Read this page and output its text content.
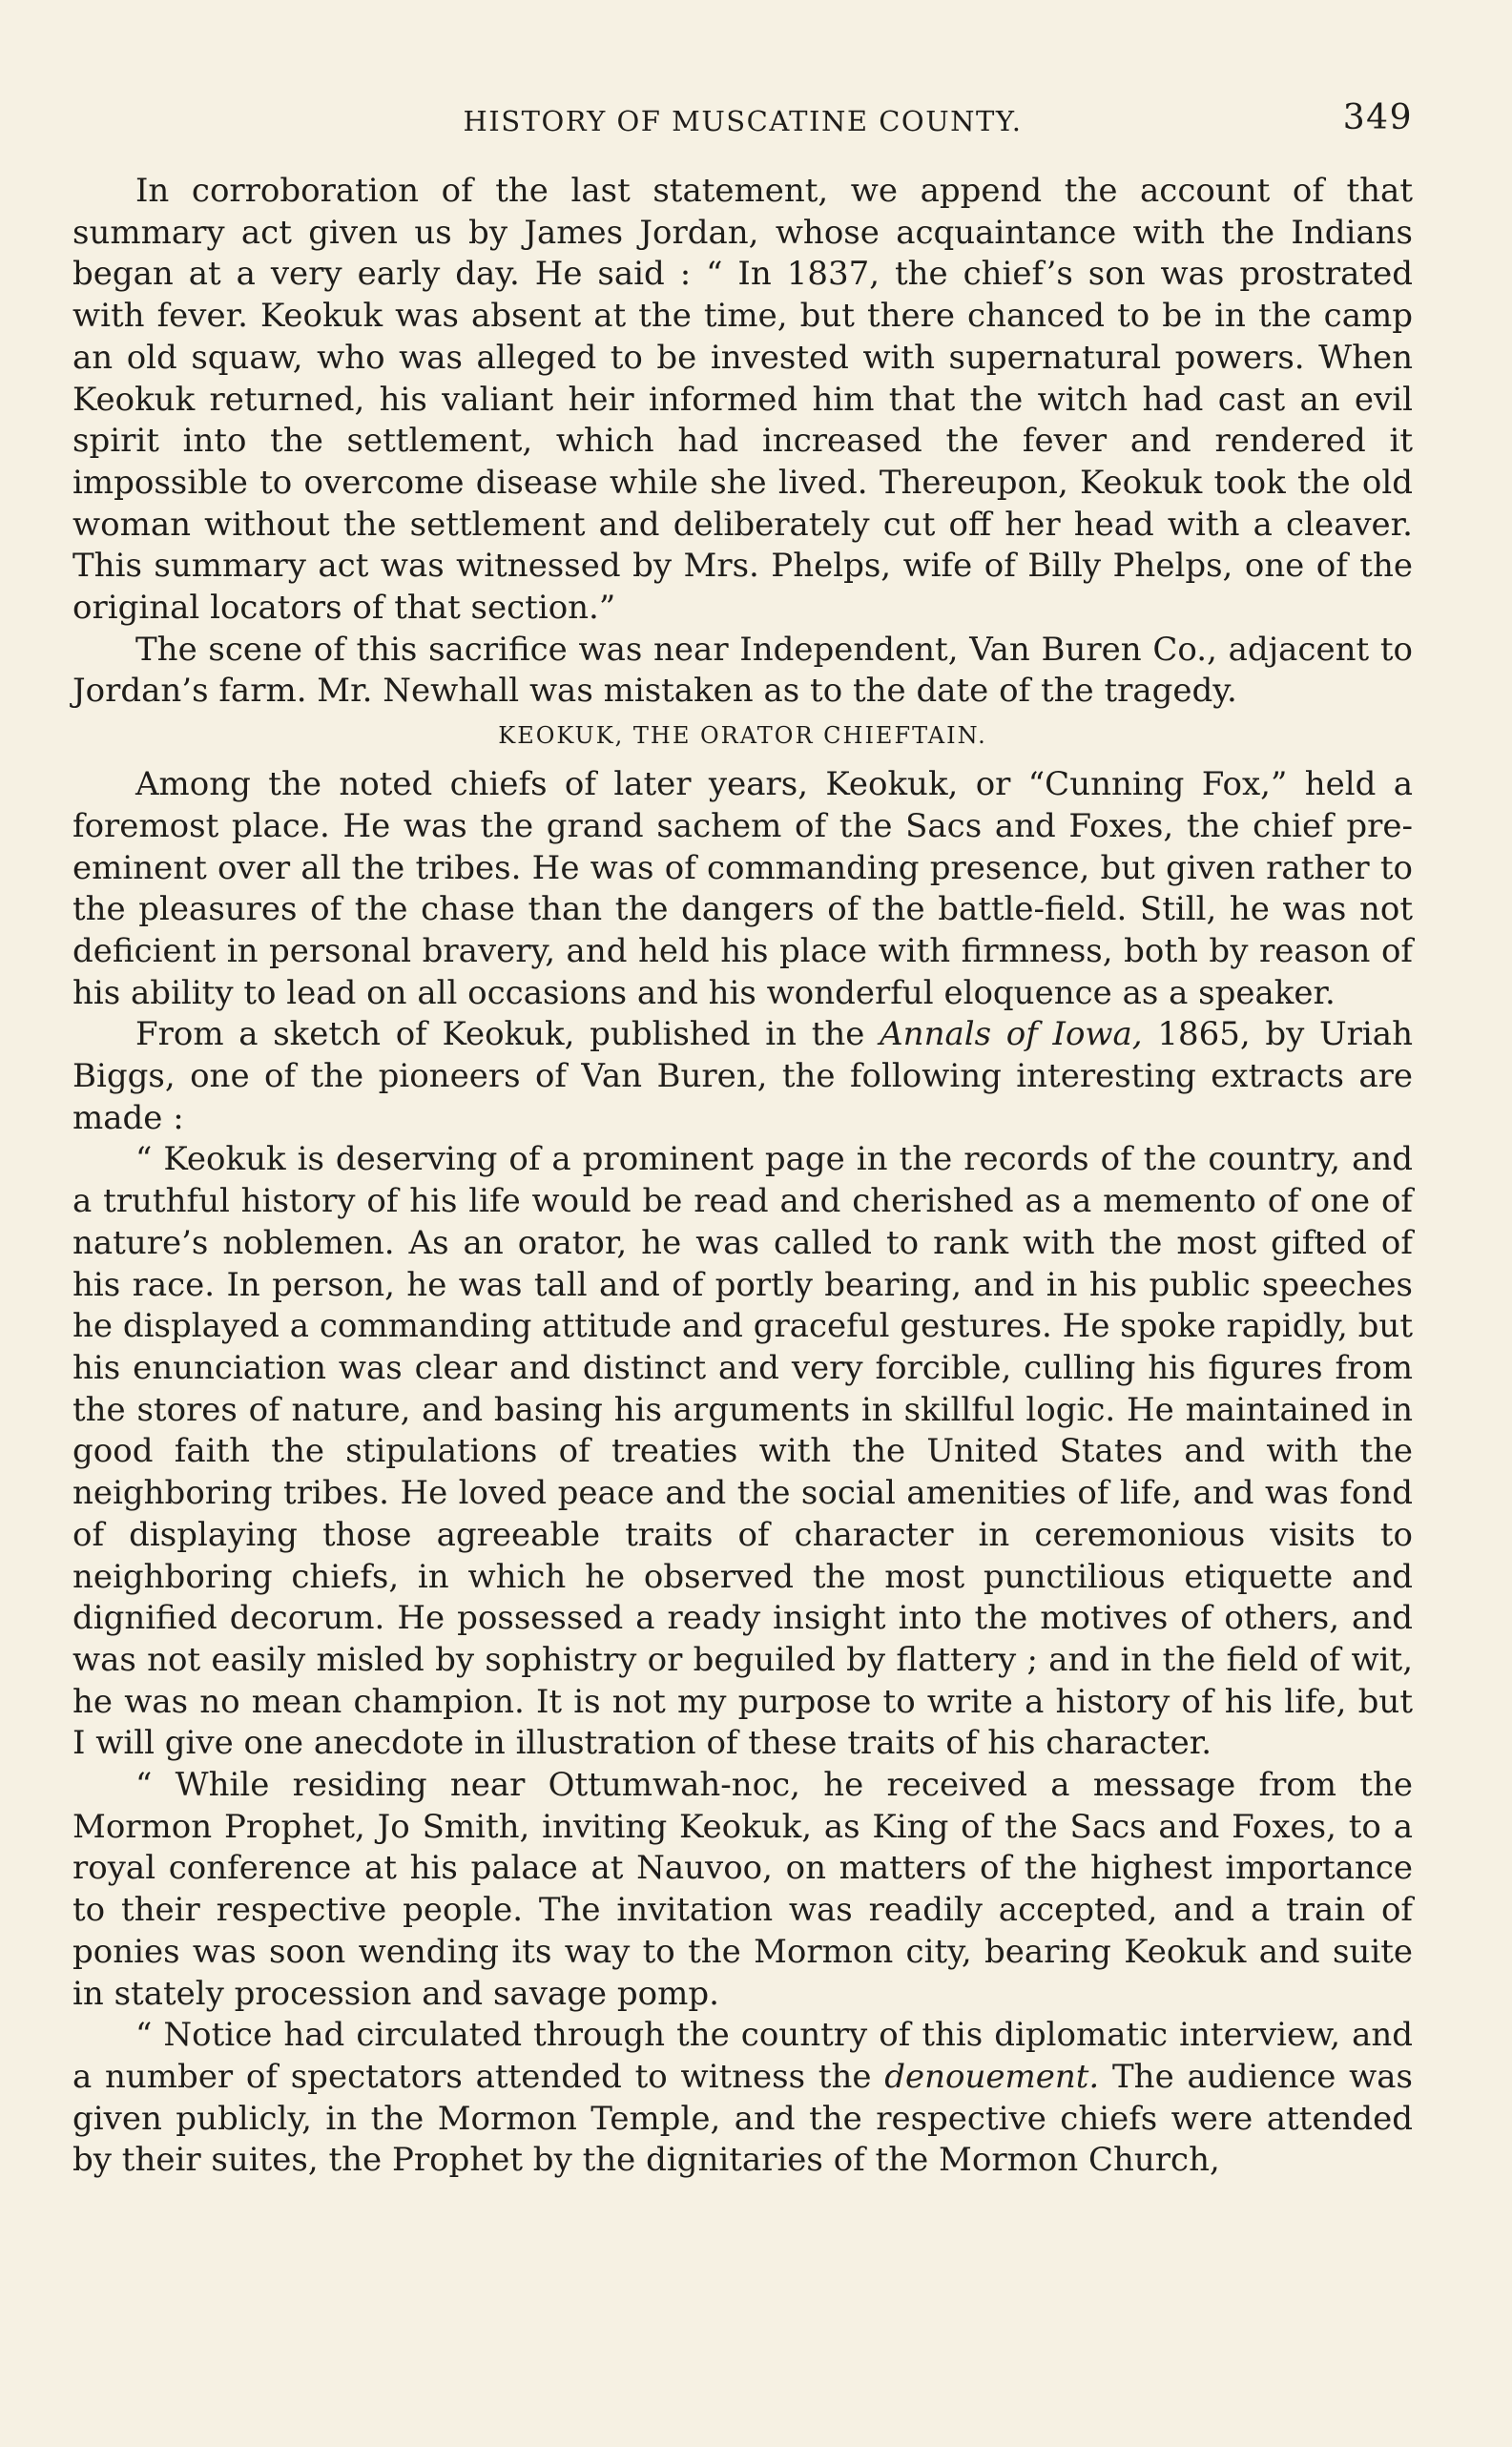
HISTORY OF MUSCATINE COUNTY.	349

In corroboration of the last statement, we append the account of that summary act given us by James Jordan, whose acquaintance with the Indians began at a very early day. He said : “ In 1837, the chief’s son was prostrated with fever. Keokuk was absent at the time, but there chanced to be in the camp an old squaw, who was alleged to be invested with supernatural powers. When Keokuk returned, his valiant heir informed him that the witch had cast an evil spirit into the settlement, which had increased the fever and rendered it impossible to overcome disease while she lived. Thereupon, Keokuk took the old woman without the settlement and deliberately cut off her head with a cleaver. This summary act was witnessed by Mrs. Phelps, wife of Billy Phelps, one of the original locators of that section.”

The scene of this sacrifice was near Independent, Van Buren Co., adjacent to Jordan’s farm. Mr. Newhall was mistaken as to the date of the tragedy.

KEOKUK, THE ORATOR CHIEFTAIN.

Among the noted chiefs of later years, Keokuk, or “Cunning Fox,” held a foremost place. He was the grand sachem of the Sacs and Foxes, the chief pre-eminent over all the tribes. He was of commanding presence, but given rather to the pleasures of the chase than the dangers of the battle-field. Still, he was not deficient in personal bravery, and held his place with firmness, both by reason of his ability to lead on all occasions and his wonderful eloquence as a speaker.

From a sketch of Keokuk, published in the Annals of Iowa, 1865, by Uriah Biggs, one of the pioneers of Van Buren, the following interesting extracts are made :

“ Keokuk is deserving of a prominent page in the records of the country, and a truthful history of his life would be read and cherished as a memento of one of nature’s noblemen. As an orator, he was called to rank with the most gifted of his race. In person, he was tall and of portly bearing, and in his public speeches he displayed a commanding attitude and graceful gestures. He spoke rapidly, but his enunciation was clear and distinct and very forcible, culling his figures from the stores of nature, and basing his arguments in skillful logic. He maintained in good faith the stipulations of treaties with the United States and with the neighboring tribes. He loved peace and the social amenities of life, and was fond of displaying those agreeable traits of character in ceremonious visits to neighboring chiefs, in which he observed the most punctilious etiquette and dignified decorum. He possessed a ready insight into the motives of others, and was not easily misled by sophistry or beguiled by flattery ; and in the field of wit, he was no mean champion. It is not my purpose to write a history of his life, but I will give one anecdote in illustration of these traits of his character.

“ While residing near Ottumwah-noc, he received a message from the Mormon Prophet, Jo Smith, inviting Keokuk, as King of the Sacs and Foxes, to a royal conference at his palace at Nauvoo, on matters of the highest importance to their respective people. The invitation was readily accepted, and a train of ponies was soon wending its way to the Mormon city, bearing Keokuk and suite in stately procession and savage pomp.

“ Notice had circulated through the country of this diplomatic interview, and a number of spectators attended to witness the denouement. The audience was given publicly, in the Mormon Temple, and the respective chiefs were attended by their suites, the Prophet by the dignitaries of the Mormon Church,
